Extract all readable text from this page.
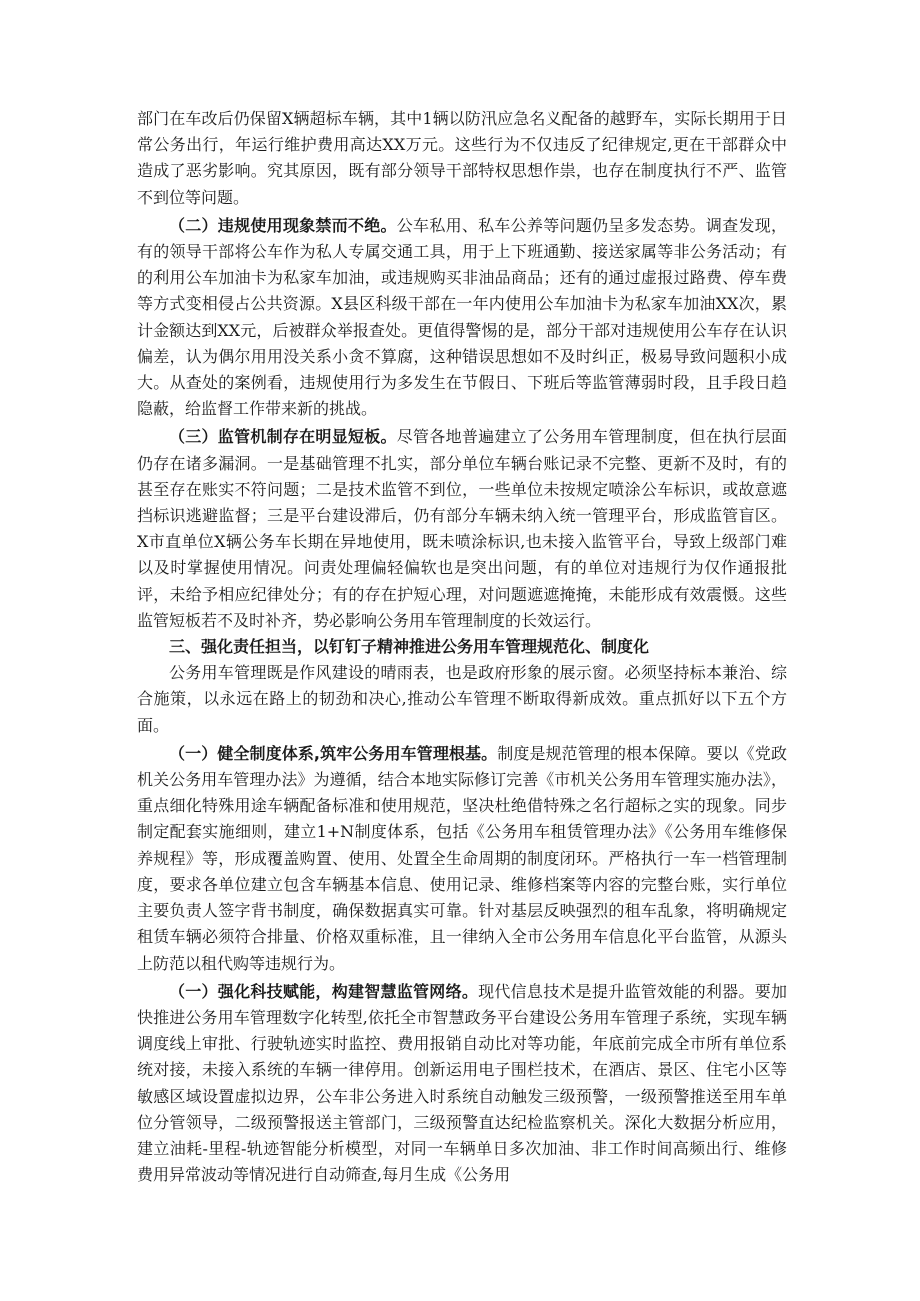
部门在车改后仍保留X辆超标车辆，其中1辆以防汛应急名义配备的越野车，实际长期用于日常公务出行，年运行维护费用高达XX万元。这些行为不仅违反了纪律规定,更在干部群众中造成了恶劣影响。究其原因，既有部分领导干部特权思想作祟，也存在制度执行不严、监管不到位等问题。

（二）违规使用现象禁而不绝。公车私用、私车公养等问题仍呈多发态势。调查发现，有的领导干部将公车作为私人专属交通工具，用于上下班通勤、接送家属等非公务活动；有的利用公车加油卡为私家车加油，或违规购买非油品商品；还有的通过虚报过路费、停车费等方式变相侵占公共资源。X县区科级干部在一年内使用公车加油卡为私家车加油XX次，累计金额达到XX元，后被群众举报查处。更值得警惕的是，部分干部对违规使用公车存在认识偏差，认为偶尔用用没关系小贪不算腐，这种错误思想如不及时纠正，极易导致问题积小成大。从查处的案例看，违规使用行为多发生在节假日、下班后等监管薄弱时段，且手段日趋隐蔽，给监督工作带来新的挑战。

（三）监管机制存在明显短板。尽管各地普遍建立了公务用车管理制度，但在执行层面仍存在诸多漏洞。一是基础管理不扎实，部分单位车辆台账记录不完整、更新不及时，有的甚至存在账实不符问题；二是技术监管不到位，一些单位未按规定喷涂公车标识，或故意遮挡标识逃避监督；三是平台建设滞后，仍有部分车辆未纳入统一管理平台，形成监管盲区。X市直单位X辆公务车长期在异地使用，既未喷涂标识,也未接入监管平台，导致上级部门难以及时掌握使用情况。问责处理偏轻偏软也是突出问题，有的单位对违规行为仅作通报批评，未给予相应纪律处分；有的存在护短心理，对问题遮遮掩掩，未能形成有效震慑。这些监管短板若不及时补齐，势必影响公务用车管理制度的长效运行。

三、强化责任担当，以钉钉子精神推进公务用车管理规范化、制度化

公务用车管理既是作风建设的晴雨表，也是政府形象的展示窗。必须坚持标本兼治、综合施策，以永远在路上的韧劲和决心,推动公车管理不断取得新成效。重点抓好以下五个方面。

（一）健全制度体系,筑牢公务用车管理根基。制度是规范管理的根本保障。要以《党政机关公务用车管理办法》为遵循，结合本地实际修订完善《市机关公务用车管理实施办法》，重点细化特殊用途车辆配备标准和使用规范，坚决杜绝借特殊之名行超标之实的现象。同步制定配套实施细则，建立1+N制度体系，包括《公务用车租赁管理办法》《公务用车维修保养规程》等，形成覆盖购置、使用、处置全生命周期的制度闭环。严格执行一车一档管理制度，要求各单位建立包含车辆基本信息、使用记录、维修档案等内容的完整台账，实行单位主要负责人签字背书制度，确保数据真实可靠。针对基层反映强烈的租车乱象，将明确规定租赁车辆必须符合排量、价格双重标准，且一律纳入全市公务用车信息化平台监管，从源头上防范以租代购等违规行为。

（一）强化科技赋能，构建智慧监管网络。现代信息技术是提升监管效能的利器。要加快推进公务用车管理数字化转型,依托全市智慧政务平台建设公务用车管理子系统，实现车辆调度线上审批、行驶轨迹实时监控、费用报销自动比对等功能，年底前完成全市所有单位系统对接，未接入系统的车辆一律停用。创新运用电子围栏技术，在酒店、景区、住宅小区等敏感区域设置虚拟边界，公车非公务进入时系统自动触发三级预警，一级预警推送至用车单位分管领导，二级预警报送主管部门，三级预警直达纪检监察机关。深化大数据分析应用，建立油耗-里程-轨迹智能分析模型，对同一车辆单日多次加油、非工作时间高频出行、维修费用异常波动等情况进行自动筛查,每月生成《公务用
